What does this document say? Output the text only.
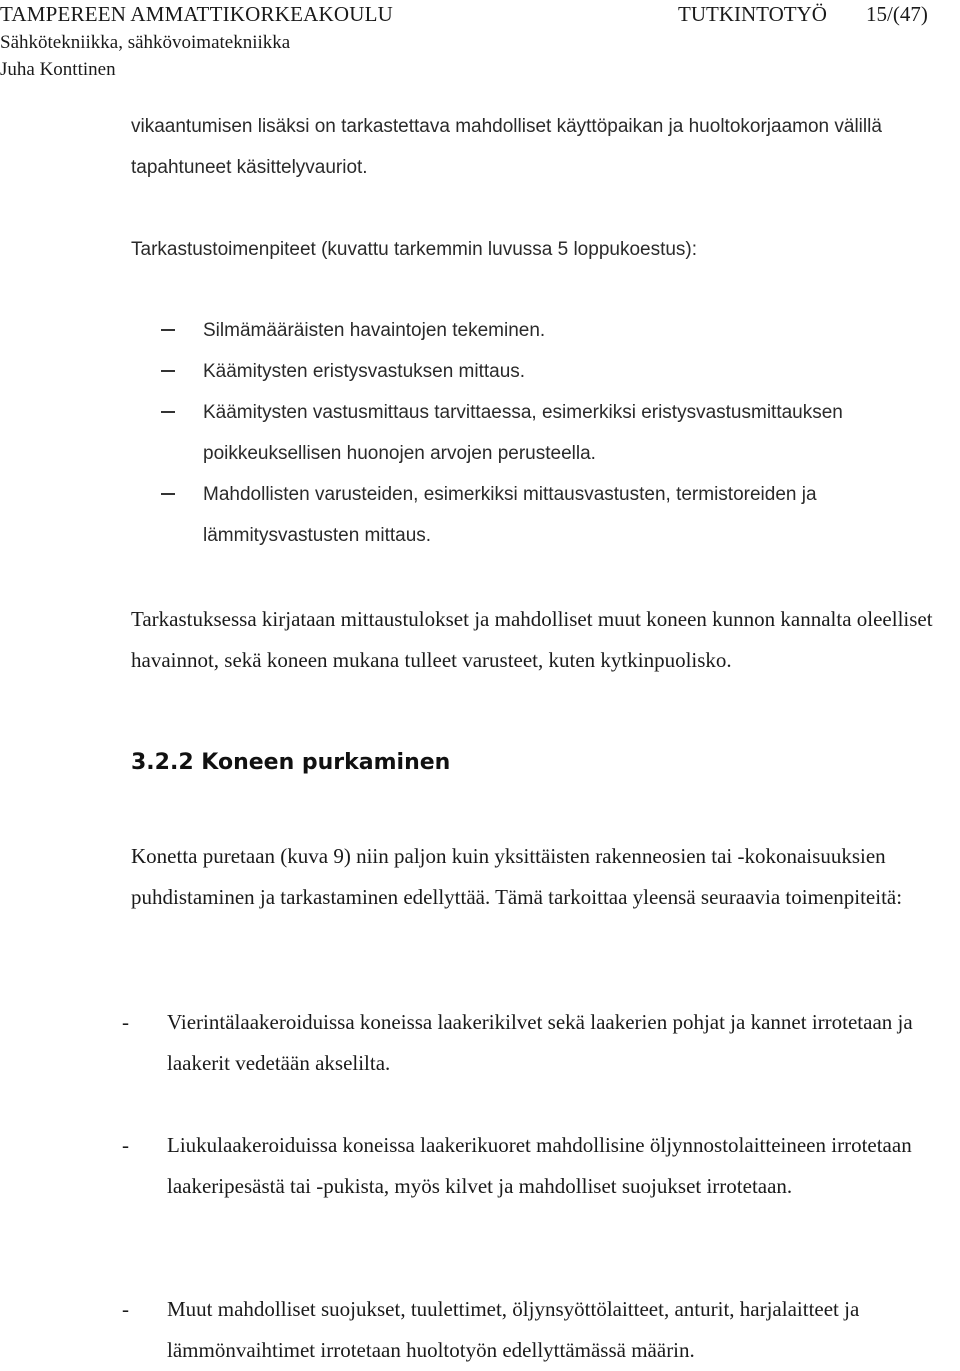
TAMPEREEN AMMATTIKORKEAKOULU	TUTKINTOTYÖ 15/(47)
Sähkötekniikka, sähkövoimatekniikka
Juha Konttinen

vikaantumisen lisäksi on tarkastettava mahdolliset käyttöpaikan ja huoltokorjaamon välillä tapahtuneet käsittelyvauriot.

Tarkastustoimenpiteet (kuvattu tarkemmin luvussa 5 loppukoestus):

Silmämääräisten havaintojen tekeminen.
Käämitysten eristysvastuksen mittaus.
Käämitysten vastusmittaus tarvittaessa, esimerkiksi eristysvastusmittauksen poikkeuksellisen huonojen arvojen perusteella.
Mahdollisten varusteiden, esimerkiksi mittausvastusten, termistoreiden ja lämmitysvastusten mittaus.

Tarkastuksessa kirjataan mittaustulokset ja mahdolliset muut koneen kunnon kannalta oleelliset havainnot, sekä koneen mukana tulleet varusteet, kuten kytkinpuolisko.

3.2.2 Koneen purkaminen

Konetta puretaan (kuva 9) niin paljon kuin yksittäisten rakenneosien tai -kokonaisuuksien puhdistaminen ja tarkastaminen edellyttää. Tämä tarkoittaa yleensä seuraavia toimenpiteitä:

- Vierintälaakeroiduissa koneissa laakerikilvet sekä laakerien pohjat ja kannet irrotetaan ja laakerit vedetään akselilta.
- Liukulaakeroiduissa koneissa laakerikuoret mahdollisine öljynnostolaitteineen irrotetaan laakeripesästä tai -pukista, myös kilvet ja mahdolliset suojukset irrotetaan.
- Muut mahdolliset suojukset, tuulettimet, öljynsyöttölaitteet, anturit, harjalaitteet ja lämmönvaihtimet irrotetaan huoltotyön edellyttämässä määrin.
